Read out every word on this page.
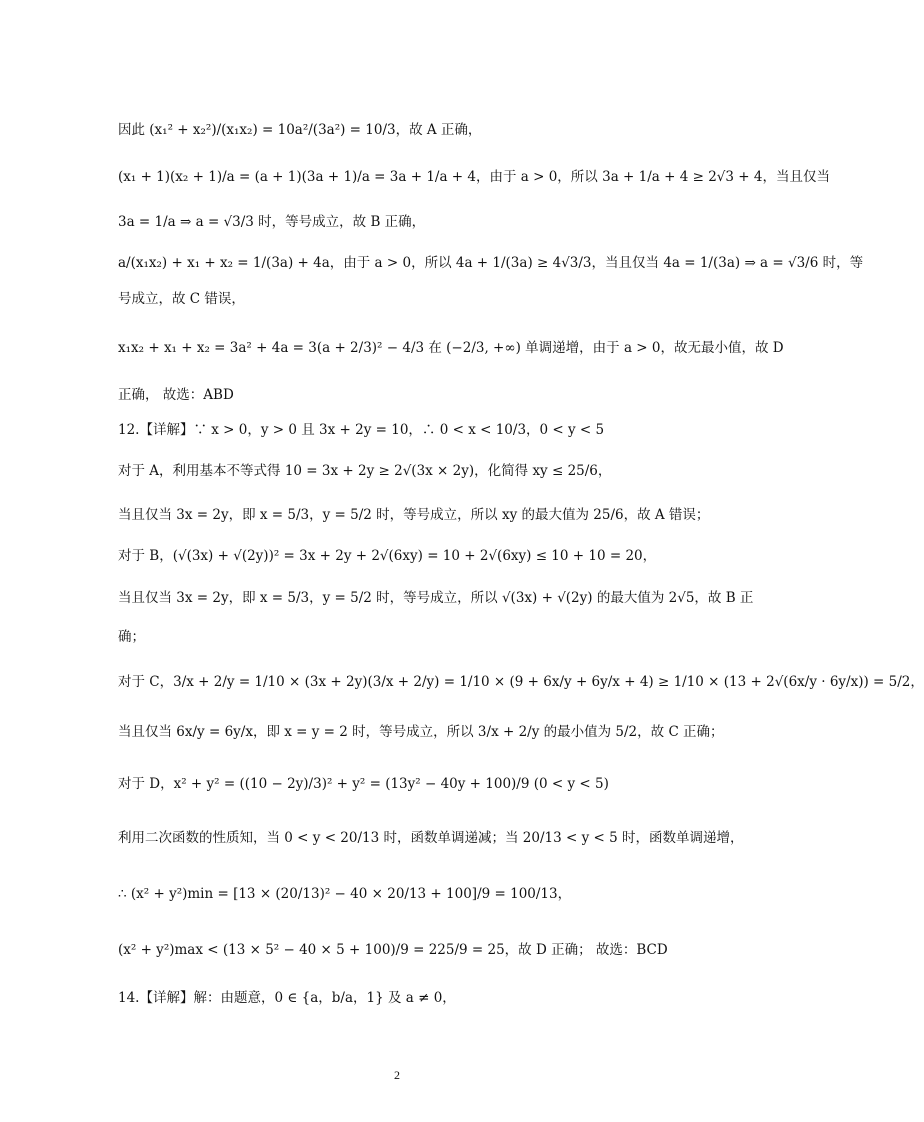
因此 (x₁² + x₂²)/(x₁x₂) = 10a²/(3a²) = 10/3，故 A 正确，
(x₁ + 1)(x₂ + 1)/a = (a + 1)(3a + 1)/a = 3a + 1/a + 4，由于 a > 0，所以 3a + 1/a + 4 ≥ 2√3 + 4，当且仅当
3a = 1/a ⇒ a = √3/3 时，等号成立，故 B 正确，
a/(x₁x₂) + x₁ + x₂ = 1/(3a) + 4a，由于 a > 0，所以 4a + 1/(3a) ≥ 4√3/3，当且仅当 4a = 1/(3a) ⇒ a = √3/6 时，等
号成立，故 C 错误，
x₁x₂ + x₁ + x₂ = 3a² + 4a = 3(a + 2/3)² − 4/3 在 (−2/3, +∞) 单调递增，由于 a > 0，故无最小值，故 D
正确， 故选：ABD
12.【详解】∵ x > 0，y > 0 且 3x + 2y = 10，∴ 0 < x < 10/3，0 < y < 5
对于 A，利用基本不等式得 10 = 3x + 2y ≥ 2√(3x × 2y)，化简得 xy ≤ 25/6，
当且仅当 3x = 2y，即 x = 5/3，y = 5/2 时，等号成立，所以 xy 的最大值为 25/6，故 A 错误；
对于 B，(√(3x) + √(2y))² = 3x + 2y + 2√(6xy) = 10 + 2√(6xy) ≤ 10 + 10 = 20，
当且仅当 3x = 2y，即 x = 5/3，y = 5/2 时，等号成立，所以 √(3x) + √(2y) 的最大值为 2√5，故 B 正
确；
对于 C，3/x + 2/y = 1/10 × (3x + 2y)(3/x + 2/y) = 1/10 × (9 + 6x/y + 6y/x + 4) ≥ 1/10 × (13 + 2√(6x/y · 6y/x)) = 5/2，
当且仅当 6x/y = 6y/x，即 x = y = 2 时，等号成立，所以 3/x + 2/y 的最小值为 5/2，故 C 正确；
对于 D，x² + y² = ((10 − 2y)/3)² + y² = (13y² − 40y + 100)/9 (0 < y < 5)
利用二次函数的性质知，当 0 < y < 20/13 时，函数单调递减；当 20/13 < y < 5 时，函数单调递增，
∴ (x² + y²)min = [13 × (20/13)² − 40 × 20/13 + 100]/9 = 100/13，
(x² + y²)max < (13 × 5² − 40 × 5 + 100)/9 = 225/9 = 25，故 D 正确； 故选：BCD
14.【详解】解：由题意，0 ∈ {a，b/a，1} 及 a ≠ 0，
2
